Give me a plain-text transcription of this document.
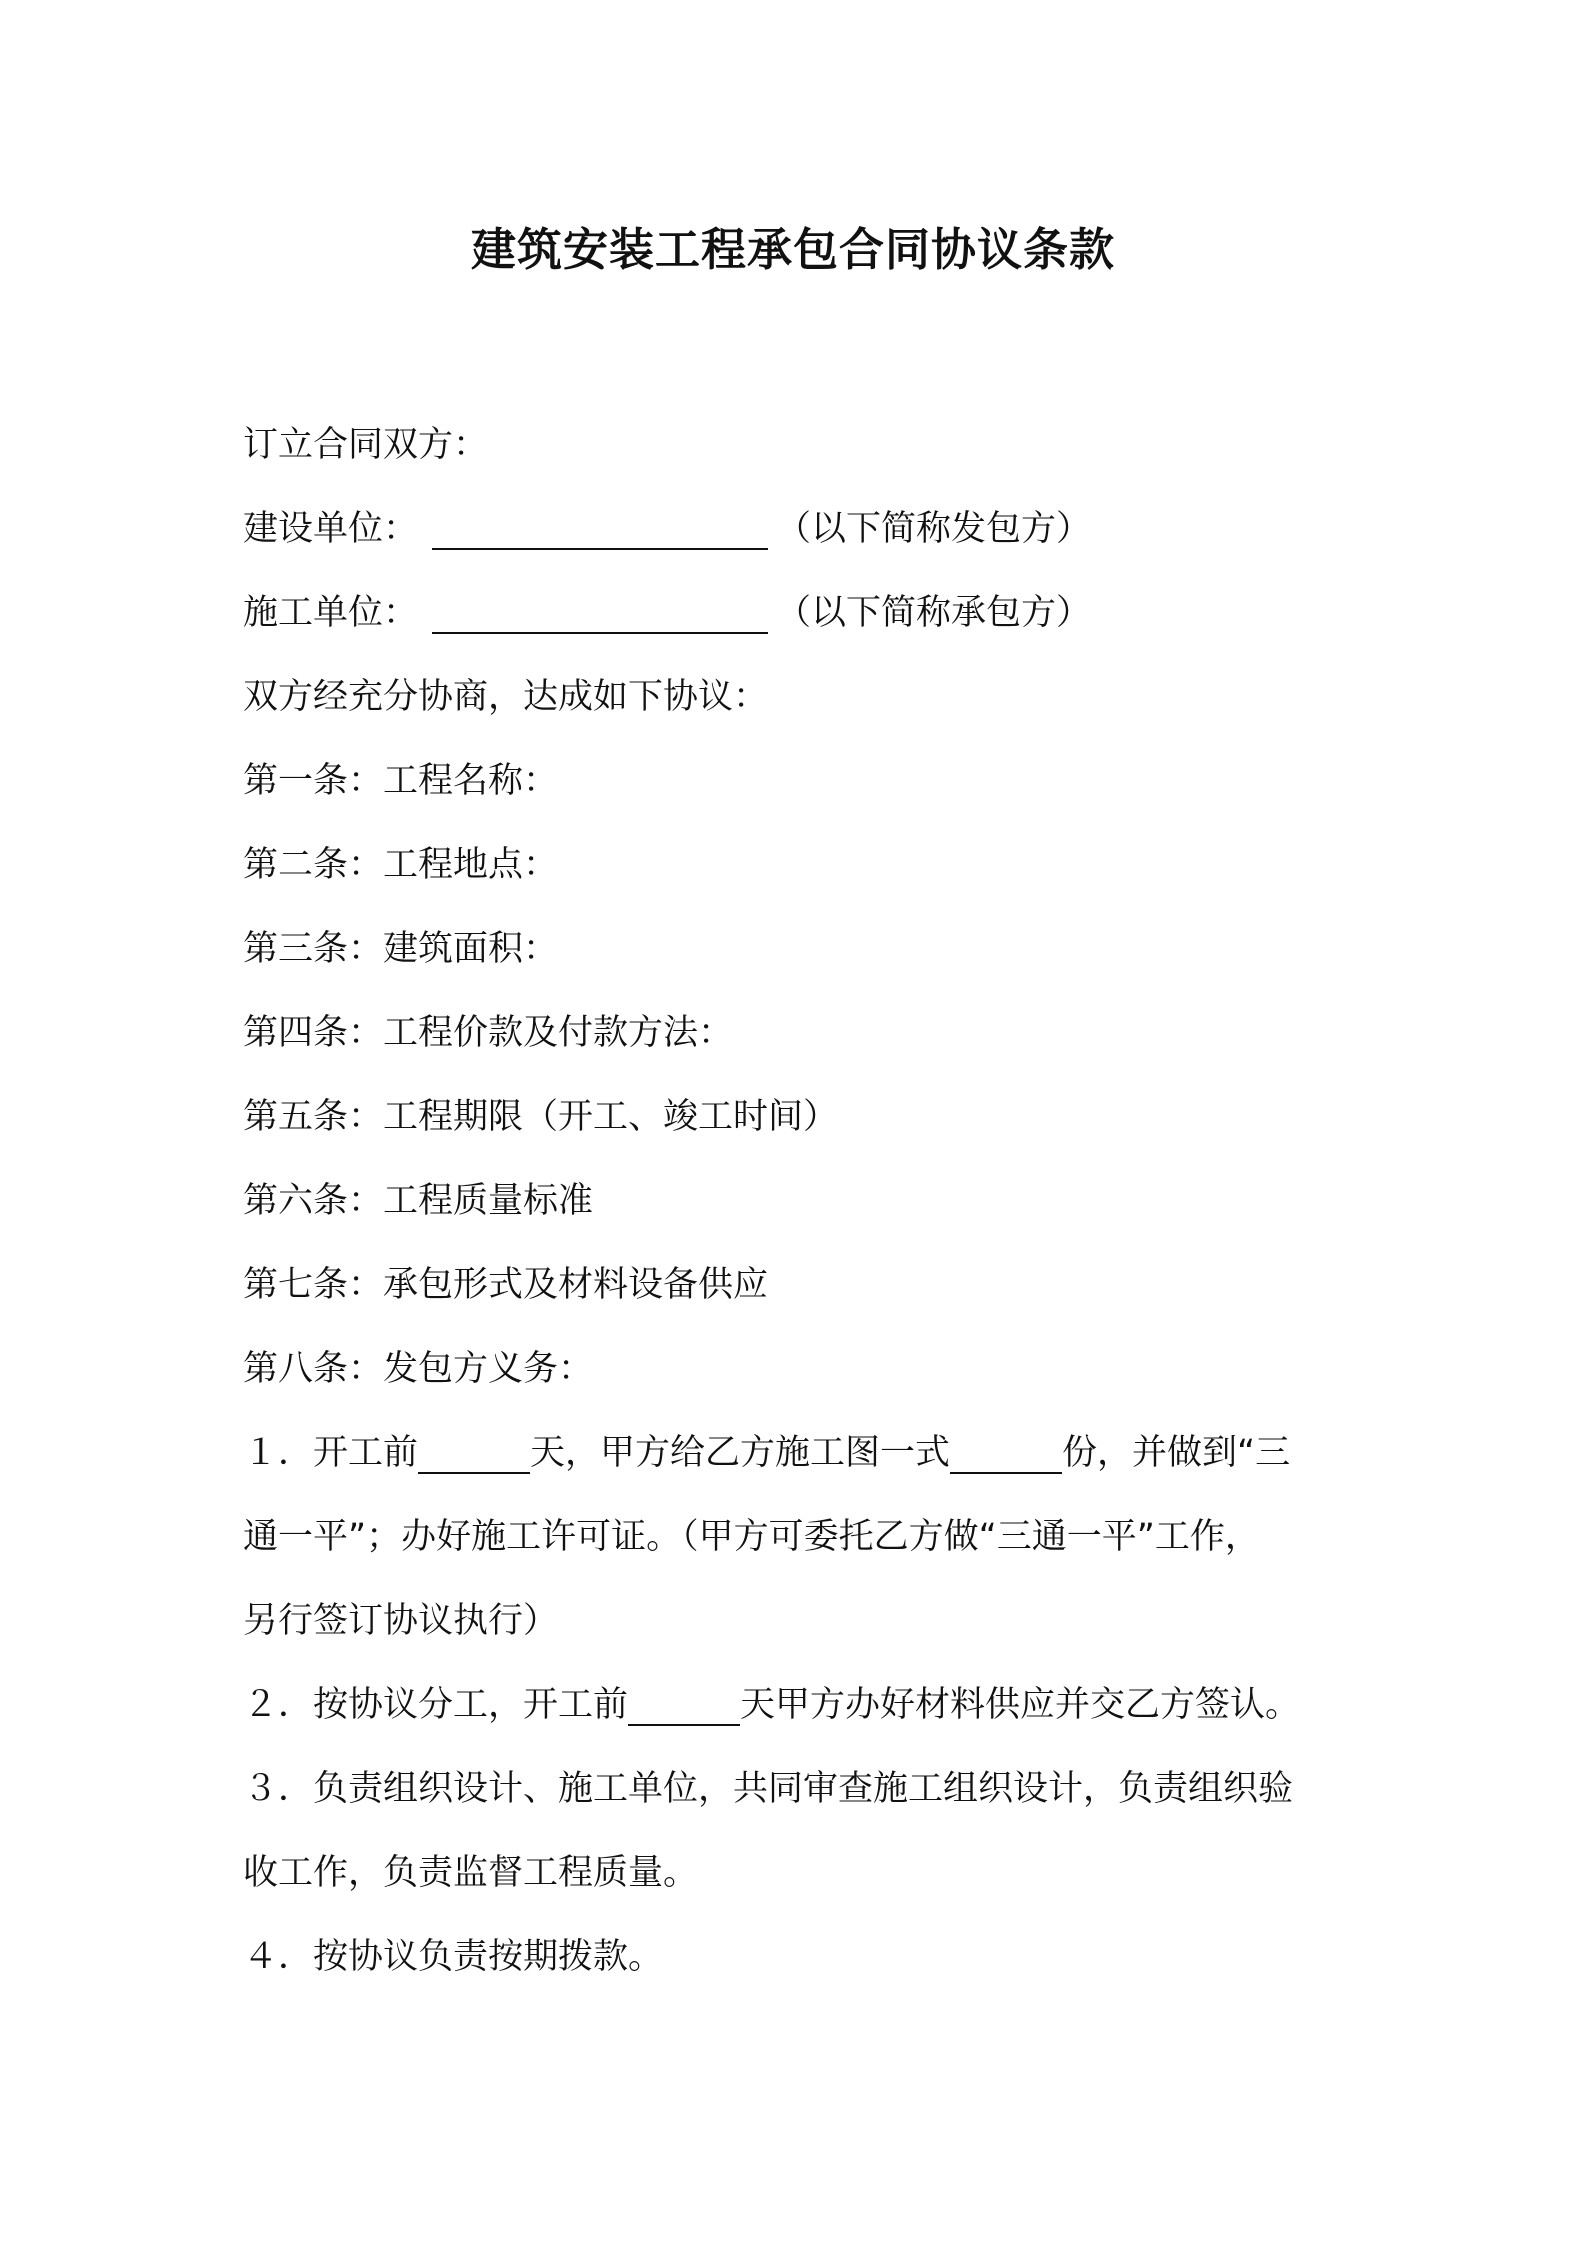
建筑安装工程承包合同协议条款
订立合同双方：
建设单位：	（以下简称发包方）
施工单位：	（以下简称承包方）
双方经充分协商，达成如下协议：
第一条：工程名称：
第二条：工程地点：
第三条：建筑面积：
第四条：工程价款及付款方法：
第五条：工程期限（开工、竣工时间）
第六条：工程质量标准
第七条：承包形式及材料设备供应
第八条：发包方义务：
１．开工前	天，甲方给乙方施工图一式	份，并做到“三
通一平”；办好施工许可证。（甲方可委托乙方做“三通一平”工作，
另行签订协议执行）
２．按协议分工，开工前	天甲方办好材料供应并交乙方签认。
３．负责组织设计、施工单位，共同审查施工组织设计，负责组织验
收工作，负责监督工程质量。
４．按协议负责按期拨款。
